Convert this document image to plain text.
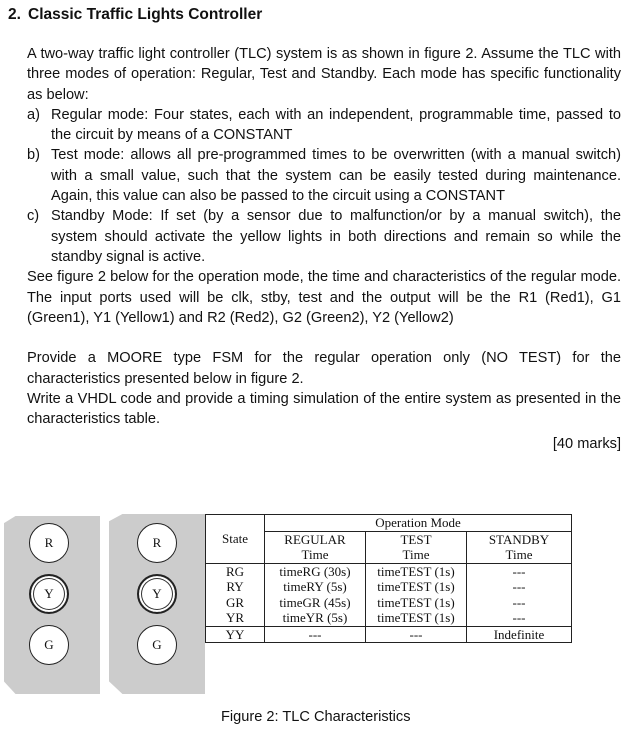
2. Classic Traffic Lights Controller

A two-way traffic light controller (TLC) system is as shown in figure 2. Assume the TLC with three modes of operation: Regular, Test and Standby. Each mode has specific functionality as below:

a) Regular mode: Four states, each with an independent, programmable time, passed to the circuit by means of a CONSTANT
b) Test mode: allows all pre-programmed times to be overwritten (with a manual switch) with a small value, such that the system can be easily tested during maintenance. Again, this value can also be passed to the circuit using a CONSTANT
c) Standby Mode: If set (by a sensor due to malfunction/or by a manual switch), the system should activate the yellow lights in both directions and remain so while the standby signal is active.

See figure 2 below for the operation mode, the time and characteristics of the regular mode. The input ports used will be clk, stby, test and the output will be the R1 (Red1), G1 (Green1), Y1 (Yellow1) and R2 (Red2), G2 (Green2), Y2 (Yellow2)

Provide a MOORE type FSM for the regular operation only (NO TEST) for the characteristics presented below in figure 2.

Write a VHDL code and provide a timing simulation of the entire system as presented in the characteristics table.

[40 marks]
R
Y
G
R
Y
G
State	Operation Mode		
	REGULAR	TEST	STANDBY
	Time	Time	Time
RG	timeRG (30s)	timeTEST (1s)	---
RY	timeRY (5s)	timeTEST (1s)	---
GR	timeGR (45s)	timeTEST (1s)	---
YR	timeYR (5s)	timeTEST (1s)	---
YY	---	---	Indefinite
Figure 2: TLC Characteristics
